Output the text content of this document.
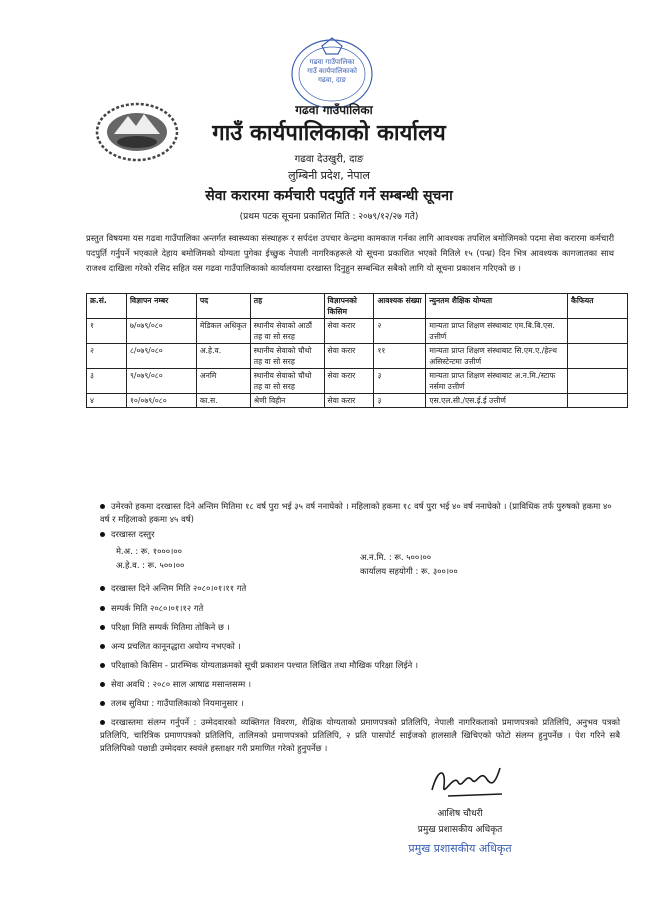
गढवा गाउँपालिका
गाउँ कार्यपालिकाको
गढवा, दाङ
गढवा गाउँपालिका
गाउँ कार्यपालिकाको कार्यालय
गढवा देउखुरी, दाङ
लुम्बिनी प्रदेश, नेपाल
सेवा करारमा कर्मचारी पदपुर्ति गर्ने सम्बन्धी सूचना
(प्रथम पटक सूचना प्रकाशित मिति : २०७९/१२/२७ गते)
प्रस्तुत विषयमा यस गढवा गाउँपालिका अन्तर्गत स्वास्थ्यका संस्थाहरू र सर्पदंश उपचार केन्द्रमा कामकाज गर्नका लागि आवश्यक तपशिल बमोजिमको पदमा सेवा करारमा कर्मचारी पदपुर्ति गर्नुपर्ने भएकाले देहाय बमोजिमको योग्यता पुगेका ईच्छुक नेपाली नागरिकहरूले यो सूचना प्रकाशित भएको मितिले १५ (पन्ध्र) दिन भित्र आवश्यक कागजातका साथ राजश्व दाखिला गरेको रसिद सहित यस गढवा गाउँपालिकाको कार्यालयमा दरखास्त दिनुहुन सम्बन्धित सबैको लागि यो सूचना प्रकाशन गरिएको छ ।
क्र.सं.	विज्ञापन नम्बर	पद	तह	विज्ञापनको किसिम	आवश्यक संख्या	न्युनतम शैक्षिक योग्यता	कैफियत
१	७/०७९/०८०	मेडिकल अधिकृत	स्थानीय सेवाको आठौं तह वा सो सरह	सेवा करार	२	मान्यता प्राप्त शिक्षण संस्थाबाट एम.बि.बि.एस. उत्तीर्ण	
२	८/०७९/०८०	अ.हे.व.	स्थानीय सेवाको चौथो तह वा सो सरह	सेवा करार	११	मान्यता प्राप्त शिक्षण संस्थाबाट सि.एम.ए./हेल्थ असिस्टेन्टमा उत्तीर्ण	
३	९/०७९/०८०	अनमि	स्थानीय सेवाको चौथो तह वा सो सरह	सेवा करार	३	मान्यता प्राप्त शिक्षण संस्थाबाट अ.न.मि./स्टाफ नर्समा उत्तीर्ण	
४	१०/०७९/०८०	का.स.	श्रेणी विहीन	सेवा करार	३	एस.एल.सी./एस.ई.ई उत्तीर्ण	
उमेरको हकमा दरखास्त दिने अन्तिम मितिमा १८ वर्ष पुरा भई ३५ वर्ष ननाघेको । महिलाको हकमा १८ वर्ष पुरा भई ४० वर्ष ननाघेको । (प्राविधिक तर्फ पुरुषको हकमा ४० वर्ष र महिलाको हकमा ४५ वर्ष)
दरखास्त दस्तुर
मे.अ. : रू. १०००।००
अ.हे.व. : रू. ५००।००
अ.न.मि. : रू. ५००।००
कार्यालय सहयोगी : रू. ३००।००
दरखास्त दिने अन्तिम मिति २०८०।०१।११ गते
सम्पर्क मिति २०८०।०१।१२ गते
परिक्षा मिति सम्पर्क मितिमा तोकिने छ ।
अन्य प्रचलित कानूनद्धारा अयोग्य नभएको ।
परिक्षाको किसिम - प्रारम्भिक योग्यताक्रमको सूची प्रकाशन पश्चात लिखित तथा मौखिक परिक्षा लिईने ।
सेवा अवधि : २०८० साल आषाढ मसान्तसम्म ।
तलब सुविधा : गाउँपालिकाको नियमानुसार ।
दरखास्तमा संलग्न गर्नुपर्ने : उम्मेदवारको व्यक्तिगत विवरण, शैक्षिक योग्यताको प्रमाणपत्रको प्रतिलिपि, नेपाली नागरिकताको प्रमाणपत्रको प्रतिलिपि, अनुभव पत्रको प्रतिलिपि, चारित्रिक प्रमाणपत्रको प्रतिलिपि, तालिमको प्रमाणपत्रको प्रतिलिपि, २ प्रति पासपोर्ट साईजको हालसालै खिचिएको फोटो संलग्न हुनुपर्नेछ । पेश गरिने सबै प्रतिलिपिको पछाडी उम्मेदवार स्वयंले हस्ताक्षर गरी प्रमाणित गरेको हुनुपर्नेछ ।
आशिष चौधरी
प्रमुख प्रशासकीय अधिकृत
प्रमुख प्रशासकीय अधिकृत
